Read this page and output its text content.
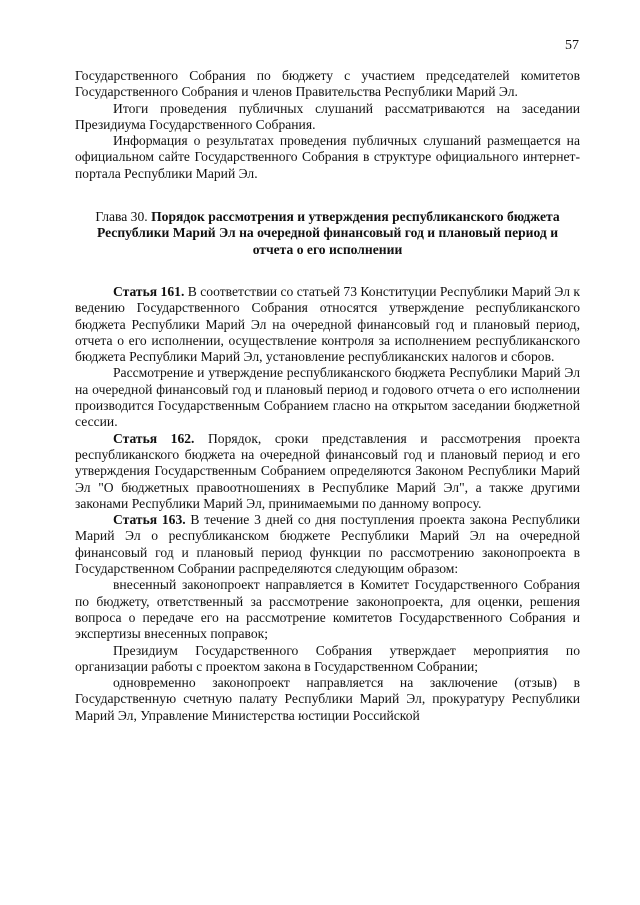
57

Государственного Собрания по бюджету с участием председателей комитетов Государственного Собрания и членов Правительства Республики Марий Эл.

Итоги проведения публичных слушаний рассматриваются на заседании Президиума Государственного Собрания.

Информация о результатах проведения публичных слушаний размещается на официальном сайте Государственного Собрания в структуре официального интернет-портала Республики Марий Эл.

Глава 30. Порядок рассмотрения и утверждения республиканского бюджета Республики Марий Эл на очередной финансовый год и плановый период и отчета о его исполнении

Статья 161. В соответствии со статьей 73 Конституции Республики Марий Эл к ведению Государственного Собрания относятся утверждение республиканского бюджета Республики Марий Эл на очередной финансовый год и плановый период, отчета о его исполнении, осуществление контроля за исполнением республиканского бюджета Республики Марий Эл, установление республиканских налогов и сборов.

Рассмотрение и утверждение республиканского бюджета Республики Марий Эл на очередной финансовый год и плановый период и годового отчета о его исполнении производится Государственным Собранием гласно на открытом заседании бюджетной сессии.

Статья 162. Порядок, сроки представления и рассмотрения проекта республиканского бюджета на очередной финансовый год и плановый период и его утверждения Государственным Собранием определяются Законом Республики Марий Эл "О бюджетных правоотношениях в Республике Марий Эл", а также другими законами Республики Марий Эл, принимаемыми по данному вопросу.

Статья 163. В течение 3 дней со дня поступления проекта закона Республики Марий Эл о республиканском бюджете Республики Марий Эл на очередной финансовый год и плановый период функции по рассмотрению законопроекта в Государственном Собрании распределяются следующим образом:

внесенный законопроект направляется в Комитет Государственного Собрания по бюджету, ответственный за рассмотрение законопроекта, для оценки, решения вопроса о передаче его на рассмотрение комитетов Государственного Собрания и экспертизы внесенных поправок;

Президиум Государственного Собрания утверждает мероприятия по организации работы с проектом закона в Государственном Собрании;

одновременно законопроект направляется на заключение (отзыв) в Государственную счетную палату Республики Марий Эл, прокуратуру Республики Марий Эл, Управление Министерства юстиции Российской
